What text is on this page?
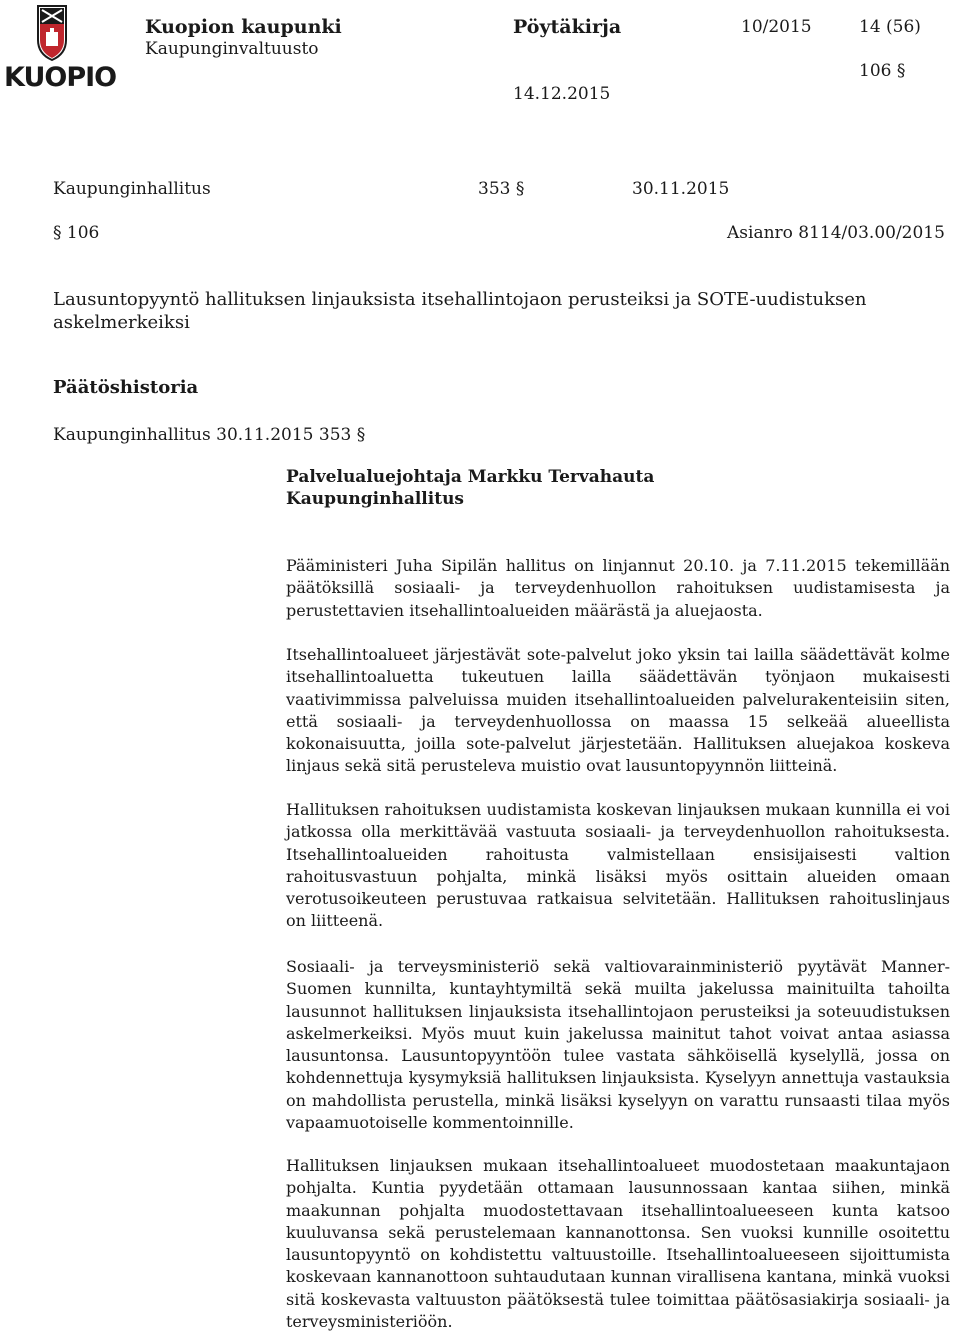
KUOPIO
Kuopion kaupunki
Kaupunginvaltuusto
Pöytäkirja	10/2015	14 (56)
106 §
14.12.2015
Kaupunginhallitus	353 §	30.11.2015
§ 106	Asianro 8114/03.00/2015
Lausuntopyyntö hallituksen linjauksista itsehallintojaon perusteiksi ja SOTE-uudistuksen
askelmerkeiksi
Päätöshistoria
Kaupunginhallitus 30.11.2015 353 §
Palvelualuejohtaja Markku Tervahauta
Kaupunginhallitus

Pääministeri Juha Sipilän hallitus on linjannut 20.10. ja 7.11.2015 tekemillään päätöksillä sosiaali- ja terveydenhuollon rahoituksen uudistamisesta ja perustettavien itsehallintoalueiden määrästä ja aluejaosta.

Itsehallintoalueet järjestävät sote-palvelut joko yksin tai lailla säädettävät kolme itsehallintoaluetta tukeutuen lailla säädettävän työnjaon mukaisesti vaativimmissa palveluissa muiden itsehallintoalueiden palvelurakenteisiin siten, että sosiaali- ja terveydenhuollossa on maassa 15 selkeää alueellista kokonaisuutta, joilla sote-palvelut järjestetään. Hallituksen aluejakoa koskeva linjaus sekä sitä perusteleva muistio ovat lausuntopyynnön liitteinä.

Hallituksen rahoituksen uudistamista koskevan linjauksen mukaan kunnilla ei voi jatkossa olla merkittävää vastuuta sosiaali- ja terveydenhuollon rahoituksesta. Itsehallintoalueiden rahoitusta valmistellaan ensisijaisesti valtion rahoitusvastuun pohjalta, minkä lisäksi myös osittain alueiden omaan verotusoikeuteen perustuvaa ratkaisua selvitetään. Hallituksen rahoituslinjaus on liitteenä.

Sosiaali- ja terveysministeriö sekä valtiovarainministeriö pyytävät Manner-Suomen kunnilta, kuntayhtymiltä sekä muilta jakelussa mainituilta tahoilta lausunnot hallituksen linjauksista itsehallintojaon perusteiksi ja soteuudistuksen askelmerkeiksi. Myös muut kuin jakelussa mainitut tahot voivat antaa asiassa lausuntonsa. Lausuntopyyntöön tulee vastata sähköisellä kyselyllä, jossa on kohdennettuja kysymyksiä hallituksen linjauksista. Kyselyyn annettuja vastauksia on mahdollista perustella, minkä lisäksi kyselyyn on varattu runsaasti tilaa myös vapaamuotoiselle kommentoinnille.

Hallituksen linjauksen mukaan itsehallintoalueet muodostetaan maakuntajaon pohjalta. Kuntia pyydetään ottamaan lausunnossaan kantaa siihen, minkä maakunnan pohjalta muodostettavaan itsehallintoalueeseen kunta katsoo kuuluvansa sekä perustelemaan kannanottonsa. Sen vuoksi kunnille osoitettu lausuntopyyntö on kohdistettu valtuustoille. Itsehallintoalueeseen sijoittumista koskevaan kannanottoon suhtaudutaan kunnan virallisena kantana, minkä vuoksi sitä koskevasta valtuuston päätöksestä tulee toimittaa päätösasiakirja sosiaali- ja terveysministeriöön.
